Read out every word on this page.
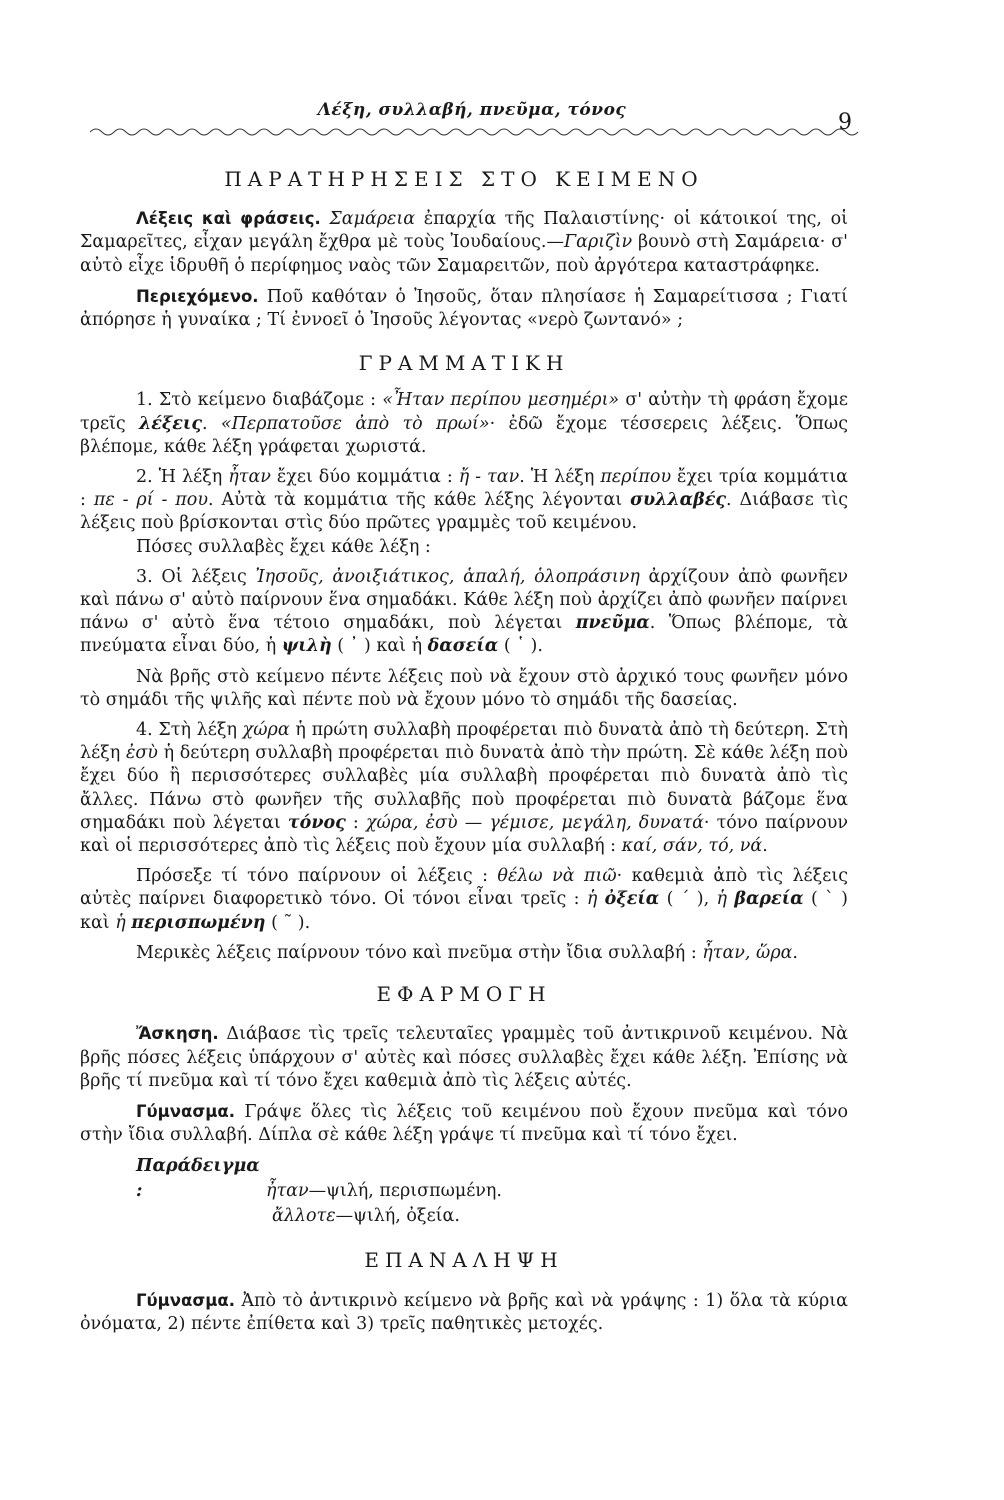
Λέξη, συλλαβή, πνεῦμα, τόνος	9
ΠΑΡΑΤΗΡΗΣΕΙΣ ΣΤΟ ΚΕΙΜΕΝΟ

Λέξεις καὶ φράσεις. Σαμάρεια ἐπαρχία τῆς Παλαιστίνης· οἱ κάτοικοί της, οἱ Σαμαρεῖτες, εἶχαν μεγάλη ἔχθρα μὲ τοὺς Ἰουδαίους.—Γαριζὶν βουνὸ στὴ Σαμάρεια· σ' αὐτὸ εἶχε ἱδρυθῆ ὁ περίφημος ναὸς τῶν Σαμαρειτῶν, ποὺ ἀργότερα καταστράφηκε.

Περιεχόμενο. Ποῦ καθόταν ὁ Ἰησοῦς, ὅταν πλησίασε ἡ Σαμαρείτισσα ; Γιατί ἀπόρησε ἡ γυναίκα ; Τί ἐννοεῖ ὁ Ἰησοῦς λέγοντας «νερὸ ζωντανό» ;

ΓΡΑΜΜΑΤΙΚΗ

1. Στὸ κείμενο διαβάζομε : «Ἦταν περίπου μεσημέρι» σ' αὐτὴν τὴ φράση ἔχομε τρεῖς λέξεις. «Περπατοῦσε ἀπὸ τὸ πρωί»· ἐδῶ ἔχομε τέσσερεις λέξεις. Ὅπως βλέπομε, κάθε λέξη γράφεται χωριστά.

2. Ἡ λέξη ἦταν ἔχει δύο κομμάτια : ἤ - ταν. Ἡ λέξη περίπου ἔχει τρία κομμάτια : πε - ρί - που. Αὐτὰ τὰ κομμάτια τῆς κάθε λέξης λέγονται συλλαβές. Διάβασε τὶς λέξεις ποὺ βρίσκονται στὶς δύο πρῶτες γραμμὲς τοῦ κειμένου.

Πόσες συλλαβὲς ἔχει κάθε λέξη :

3. Οἱ λέξεις Ἰησοῦς, ἀνοιξιάτικος, ἁπαλή, ὁλοπράσινη ἀρχίζουν ἀπὸ φωνῆεν καὶ πάνω σ' αὐτὸ παίρνουν ἕνα σημαδάκι. Κάθε λέξη ποὺ ἀρχίζει ἀπὸ φωνῆεν παίρνει πάνω σ' αὐτὸ ἕνα τέτοιο σημαδάκι, ποὺ λέγεται πνεῦμα. Ὅπως βλέπομε, τὰ πνεύματα εἶναι δύο, ἡ ψιλὴ ( ᾿ ) καὶ ἡ δασεία ( ῾ ).

Νὰ βρῆς στὸ κείμενο πέντε λέξεις ποὺ νὰ ἔχουν στὸ ἀρχικό τους φωνῆεν μόνο τὸ σημάδι τῆς ψιλῆς καὶ πέντε ποὺ νὰ ἔχουν μόνο τὸ σημάδι τῆς δασείας.

4. Στὴ λέξη χώρα ἡ πρώτη συλλαβὴ προφέρεται πιὸ δυνατὰ ἀπὸ τὴ δεύτερη. Στὴ λέξη ἐσὺ ἡ δεύτερη συλλαβὴ προφέρεται πιὸ δυνατὰ ἀπὸ τὴν πρώτη. Σὲ κάθε λέξη ποὺ ἔχει δύο ἢ περισσότερες συλλαβὲς μία συλλαβὴ προφέρεται πιὸ δυνατὰ ἀπὸ τὶς ἄλλες. Πάνω στὸ φωνῆεν τῆς συλλαβῆς ποὺ προφέρεται πιὸ δυνατὰ βάζομε ἕνα σημαδάκι ποὺ λέγεται τόνος : χώρα, ἐσὺ — γέμισε, μεγάλη, δυνατά· τόνο παίρνουν καὶ οἱ περισσότερες ἀπὸ τὶς λέξεις ποὺ ἔχουν μία συλλαβή : καί, σάν, τό, νά.

Πρόσεξε τί τόνο παίρνουν οἱ λέξεις : θέλω νὰ πιῶ· καθεμιὰ ἀπὸ τὶς λέξεις αὐτὲς παίρνει διαφορετικὸ τόνο. Οἱ τόνοι εἶναι τρεῖς : ἡ ὀξεία ( ΄ ), ἡ βαρεία ( ` ) καὶ ἡ περισπωμένη ( ῀ ).

Μερικὲς λέξεις παίρνουν τόνο καὶ πνεῦμα στὴν ἴδια συλλαβή : ἦταν, ὥρα.

ΕΦΑΡΜΟΓΗ

Ἄσκηση. Διάβασε τὶς τρεῖς τελευταῖες γραμμὲς τοῦ ἀντικρινοῦ κειμένου. Νὰ βρῆς πόσες λέξεις ὑπάρχουν σ' αὐτὲς καὶ πόσες συλλαβὲς ἔχει κάθε λέξη. Ἐπίσης νὰ βρῆς τί πνεῦμα καὶ τί τόνο ἔχει καθεμιὰ ἀπὸ τὶς λέξεις αὐτές.

Γύμνασμα. Γράψε ὅλες τὶς λέξεις τοῦ κειμένου ποὺ ἔχουν πνεῦμα καὶ τόνο στὴν ἴδια συλλαβή. Δίπλα σὲ κάθε λέξη γράψε τί πνεῦμα καὶ τί τόνο ἔχει.

Παράδειγμα :	ἦταν—ψιλή, περισπωμένη.
ἄλλοτε—ψιλή, ὀξεία.
ΕΠΑΝΑΛΗΨΗ

Γύμνασμα. Ἀπὸ τὸ ἀντικρινὸ κείμενο νὰ βρῆς καὶ νὰ γράψης : 1) ὅλα τὰ κύρια ὀνόματα, 2) πέντε ἐπίθετα καὶ 3) τρεῖς παθητικὲς μετοχές.
